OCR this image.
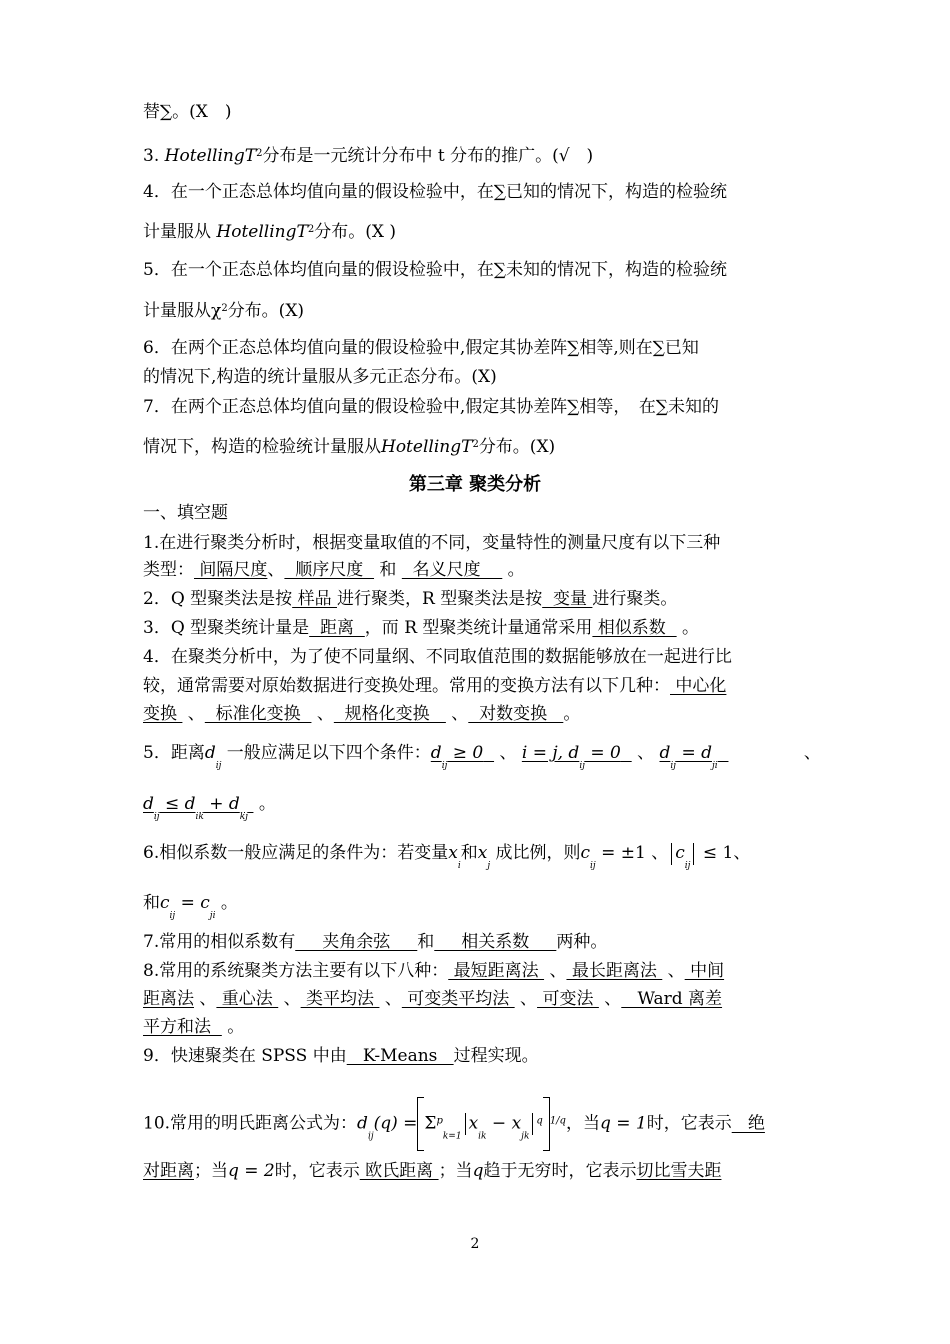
替∑。(X　)
3. HotellingT$^2$分布是一元统计分布中 t 分布的推广。(√　)
4．在一个正态总体均值向量的假设检验中，在∑已知的情况下，构造的检验统
计量服从 HotellingT$^2$分布。(X )
5．在一个正态总体均值向量的假设检验中，在∑未知的情况下，构造的检验统
计量服从$\chi^2$分布。(X)
6．在两个正态总体均值向量的假设检验中,假定其协差阵∑相等,则在∑已知
的情况下,构造的统计量服从多元正态分布。(X)
7．在两个正态总体均值向量的假设检验中,假定其协差阵∑相等，　在∑未知的
情况下，构造的检验统计量服从HotellingT$^2$分布。(X)
第三章 聚类分析
一、填空题
1.在进行聚类分析时，根据变量取值的不同，变量特性的测量尺度有以下三种
类型： 间隔尺度、  顺序尺度   和   名义尺度     。
2．Q 型聚类法是按 样品 进行聚类，R 型聚类法是按  变量 进行聚类。
3．Q 型聚类统计量是  距离  ，而 R 型聚类统计量通常采用 相似系数   。
4．在聚类分析中，为了使不同量纲、不同取值范围的数据能够放在一起进行比
较，通常需要对原始数据进行变换处理。常用的变换方法有以下几种： 中心化
变换  、  标准化变换   、  规格化变换    、  对数变换   。
5．距离$d_{ij}$ 一般应满足以下四个条件：$d_{ij} \ge 0$   、 i = j, $d_{ij} = 0$   、 $d_{ij} = d_{ji}$   、
$d_{ij} \le d_{ik} + d_{kj}$  。
6.相似系数一般应满足的条件为：若变量$x_i$和$x_j$ 成比例，则$c_{ij} = \pm 1$ 、 $c_{ij} \le 1$、
和$c_{ij} = c_{ji}$ 。
7.常用的相似系数有     夹角余弦     和     相关系数     两种。
8.常用的系统聚类方法主要有以下八种： 最短距离法  、 最长距离法  、 中间
距离法 、 重心法  、 类平均法  、 可变类平均法  、 可变法  、   Ward 离差
平方和法   。
9．快速聚类在 SPSS 中由   K-Means   过程实现。
10.常用的明氏距离公式为：$d_{ij}(q) = \Sigma^p_{k=1}x_{ik} - x_{jk}^q$ $^{1/q}$，当q = 1时，它表示   绝
对距离；当q = 2时，它表示 欧氏距离 ；当q趋于无穷时，它表示切比雪夫距
2
